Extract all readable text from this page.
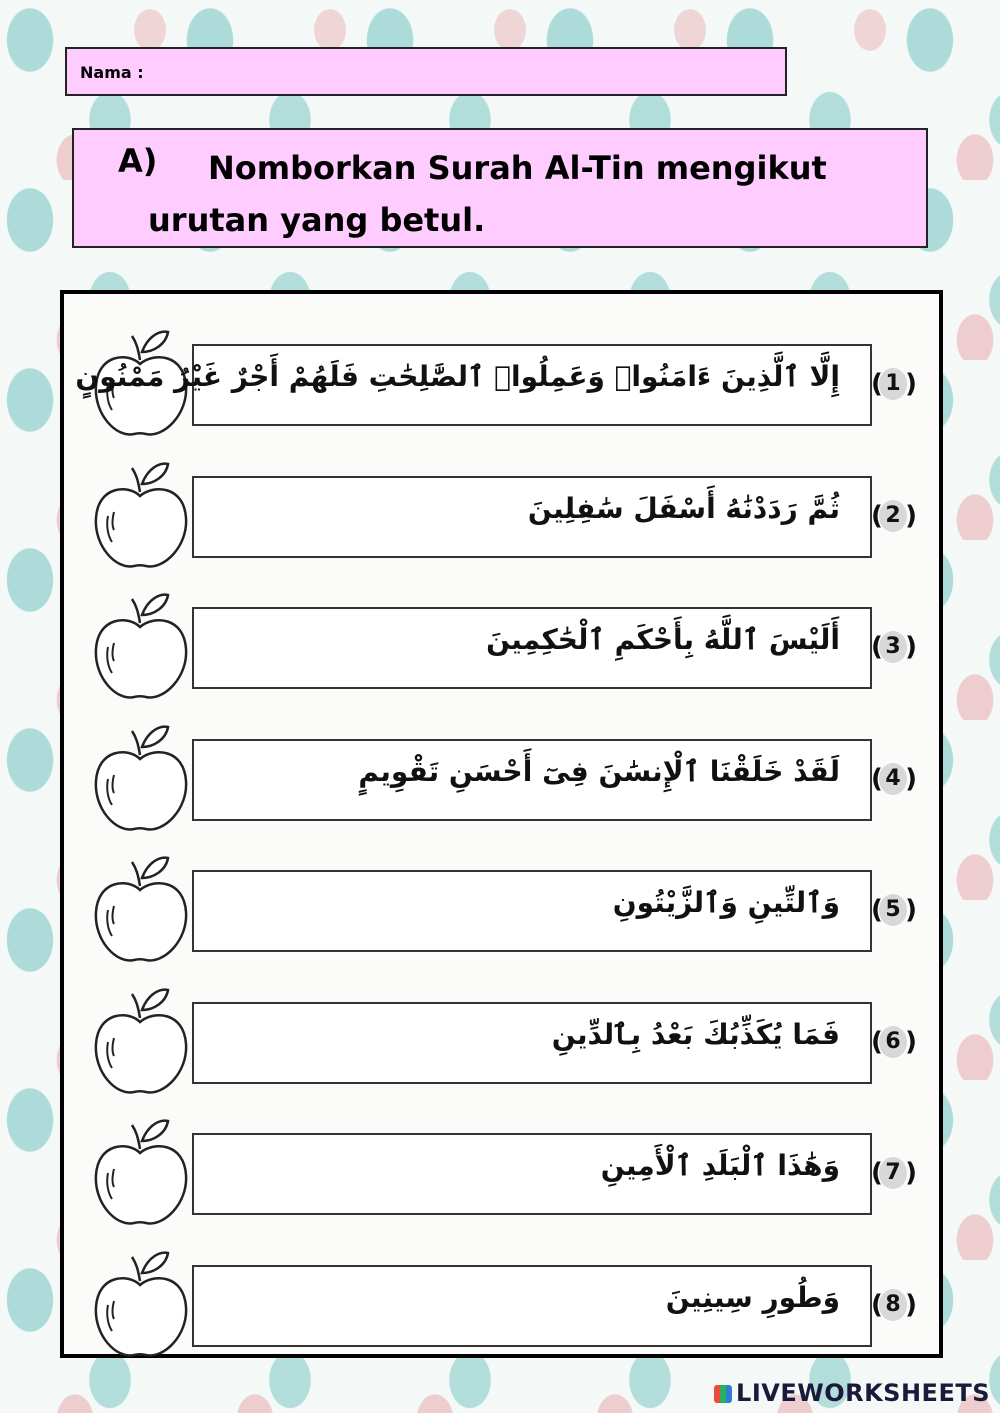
Nama :
A)	Nomborkan Surah Al-Tin mengikut urutan yang betul.
إِلَّا ٱلَّذِينَ ءَامَنُوا۟ وَعَمِلُوا۟ ٱلصَّٰلِحَٰتِ فَلَهُمْ أَجْرٌ غَيْرُ مَمْنُونٍ ( 1 )
ثُمَّ رَدَدْنَٰهُ أَسْفَلَ سَٰفِلِينَ ( 2 )
أَلَيْسَ ٱللَّهُ بِأَحْكَمِ ٱلْحَٰكِمِينَ ( 3 )
لَقَدْ خَلَقْنَا ٱلْإِنسَٰنَ فِىٓ أَحْسَنِ تَقْوِيمٍ ( 4 )
وَٱلتِّينِ وَٱلزَّيْتُونِ ( 5 )
فَمَا يُكَذِّبُكَ بَعْدُ بِٱلدِّينِ ( 6 )
وَهَٰذَا ٱلْبَلَدِ ٱلْأَمِينِ ( 7 )
وَطُورِ سِينِينَ ( 8 )
LIVEWORKSHEETS
